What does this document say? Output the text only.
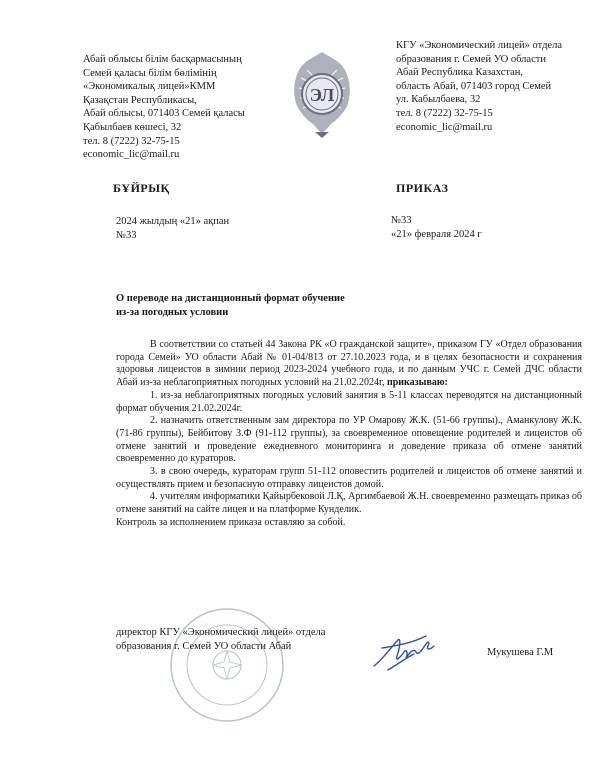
Абай облысы білім басқармасының
Семей қаласы білім бөлімінің
«Экономикалық лицей»КММ
Қазақстан Республикасы,
Абай облысы, 071403 Семей қаласы
Қабылбаев көшесі, 32
тел. 8 (7222) 32-75-15
economic_lic@mail.ru
ЭЛ
КГУ «Экономический лицей» отдела
образования г. Семей УО области
Абай Республика Казахстан,
область Абай, 071403 город Семей
ул. Кабылбаева, 32
тел. 8 (7222) 32-75-15
economic_lic@mail.ru
БҰЙРЫҚ	ПРИКАЗ
2024 жылдың «21» ақпан
№33
№33
«21» февраля 2024 г
О переводе на дистанционный формат обучение
из-за погодных условии

В соответствии со статьей 44 Закона РК «О гражданской защите», приказом ГУ «Отдел образования города Семей» УО области Абай № 01-04/813 от 27.10.2023 года, и в целях безопасности и сохранения здоровья лицеистов в зимнии период 2023-2024 учебного года, и по данным УЧС г. Семей ДЧС области Абай из-за неблагоприятных погодных условий на 21.02.2024г, приказываю:

1. из-за неблагоприятных погодных условий занятия в 5-11 классах переводятся на дистанционный формат обучения 21.02.2024г.

2. назначить ответственным зам директора по УР Омарову Ж.К. (51-66 группы)., Аманкулову Ж.К. (71-86 группы), Бейбитову З.Ф (91-112 группы), за своевременное оповещение родителей и лицеистов об отмене занятий и проведение ежедневного мониторинга и доведение приказа об отмене занятий своевременно до кураторов.

3. в свою очередь, кураторам групп 51-112 оповестить родителей и лицеистов об отмене занятий и осуществлять прием и безопасную отправку лицеистов домой.

4. учителям информатики Қайырбековой Л.Қ, Аргимбаевой Ж.Н. своевременно размещать приказ об отмене занятий на сайте лицея и на платформе Кунделик.

Контроль за исполнением приказа оставляю за собой.

директор КГУ «Экономический лицей» отдела
образования г. Семей УО области Абай
Мукушева Г.М
